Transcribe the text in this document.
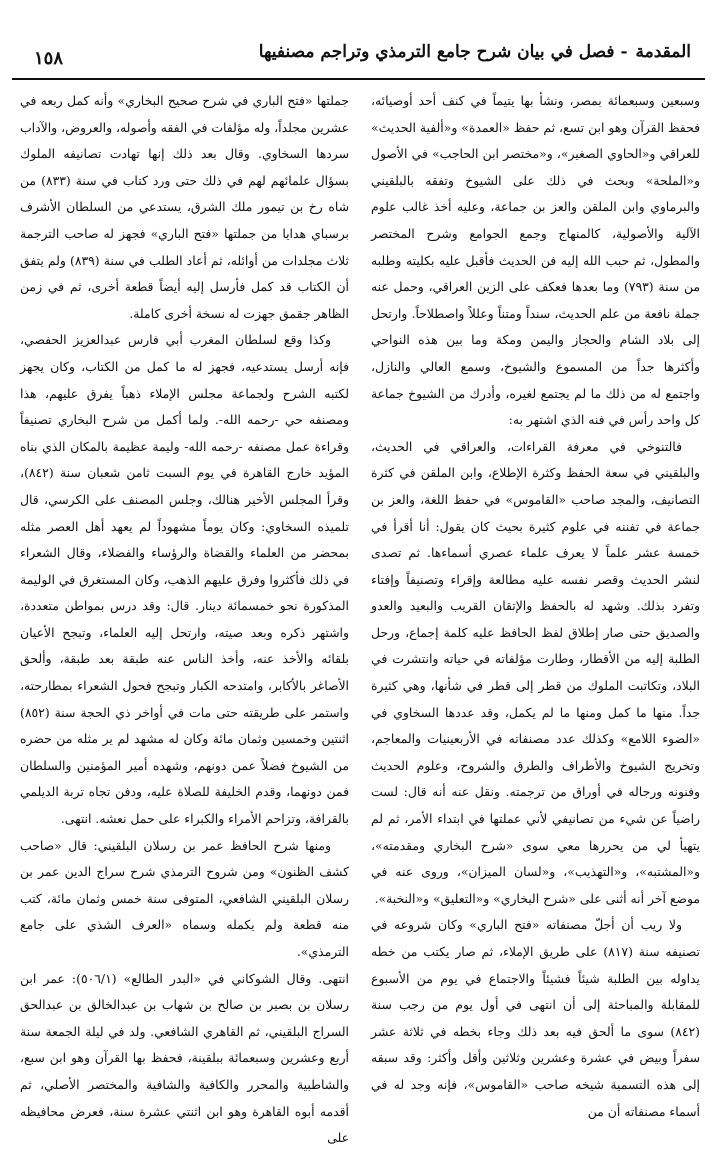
المقدمة- فصل في بيان شرح جامع الترمذي وتراجم مصنفيها
١٥٨

وسبعين وسبعمائة بمصر، ونشأ بها يتيماً في كنف أحد أوصيائه، فحفظ القرآن وهو ابن تسع، ثم حفظ «العمدة» و«ألفية الحديث» للعراقي و«الحاوي الصغير»، و«مختصر ابن الحاجب» في الأصول و«الملحة» وبحث في ذلك على الشيوخ وتفقه بالبلقيني والبرماوي وابن الملقن والعز بن جماعة، وعليه أخذ غالب علوم الآلية والأصولية، كالمنهاج وجمع الجوامع وشرح المختصر والمطول، ثم حبب الله إليه فن الحديث فأقبل عليه بكليته وطلبه من سنة (٧٩٣) وما بعدها فعكف على الزين العراقي، وحمل عنه جملة نافعة من علم الحديث، سنداً ومتناً وعللاً واصطلاحاً. وارتحل إلى بلاد الشام والحجاز واليمن ومكة وما بين هذه النواحي وأكثرها جداً من المسموع والشيوخ، وسمع العالي والنازل، واجتمع له من ذلك ما لم يجتمع لغيره، وأدرك من الشيوخ جماعة كل واحد رأس في فنه الذي اشتهر به:

فالتنوخي في معرفة القراءات، والعراقي في الحديث، والبلقيني في سعة الحفظ وكثرة الإطلاع، وابن الملقن في كثرة التصانيف، والمجد صاحب «القاموس» في حفظ اللغة، والعز بن جماعة في تفننه في علوم كثيرة بحيث كان يقول: أنا أقرأ في خمسة عشر علماً لا يعرف علماء عصري أسماءها. ثم تصدى لنشر الحديث وقصر نفسه عليه مطالعة وإقراء وتصنيفاً وإفتاء وتفرد بذلك. وشهد له بالحفظ والإتقان القريب والبعيد والعدو والصديق حتى صار إطلاق لفظ الحافظ عليه كلمة إجماع، ورحل الطلبة إليه من الأقطار، وطارت مؤلفاته في حياته وانتشرت في البلاد، وتكاتبت الملوك من قطر إلى قطر في شأنها، وهي كثيرة جداً. منها ما كمل ومنها ما لم يكمل، وقد عددها السخاوي في «الضوء اللامع» وكذلك عدد مصنفاته في الأربعينيات والمعاجم، وتخريج الشيوخ والأطراف والطرق والشروح، وعلوم الحديث وفنونه ورجاله في أوراق من ترجمته. ونقل عنه أنه قال: لست راضياً عن شيء من تصانيفي لأني عملتها في ابتداء الأمر، ثم لم يتهيأ لي من يحررها معي سوى «شرح البخاري ومقدمته»، و«المشتبه»، و«التهذيب»، و«لسان الميزان»، وروى عنه في موضع آخر أنه أثنى على «شرح البخاري» و«التعليق» و«النخبة».

ولا ريب أن أجلّ مصنفاته «فتح الباري» وكان شروعه في تصنيفه سنة (٨١٧) على طريق الإملاء، ثم صار يكتب من خطه يداوله بين الطلبة شيئاً فشيئاً والاجتماع في يوم من الأسبوع للمقابلة والمباحثة إلى أن انتهى في أول يوم من رجب سنة (٨٤٢) سوى ما ألحق فيه بعد ذلك وجاء بخطه في ثلاثة عشر سفراً وبيض في عشرة وعشرين وثلاثين وأقل وأكثر: وقد سبقه إلى هذه التسمية شيخه صاحب «القاموس»، فإنه وجد له في أسماء مصنفاته أن من

جملتها «فتح الباري في شرح صحيح البخاري» وأنه كمل ربعه في عشرين مجلداً، وله مؤلفات في الفقه وأصوله، والعروض، والآداب سردها السخاوي. وقال بعد ذلك إنها تهادت تصانيفه الملوك بسؤال علمائهم لهم في ذلك حتى ورد كتاب في سنة (٨٣٣) من شاه رخ بن تيمور ملك الشرق، يستدعي من السلطان الأشرف برسباي هدايا من جملتها «فتح الباري» فجهز له صاحب الترجمة ثلاث مجلدات من أوائله، ثم أعاد الطلب في سنة (٨٣٩) ولم يتفق أن الكتاب قد كمل فأرسل إليه أيضاً قطعة أخرى، ثم في زمن الظاهر جقمق جهزت له نسخة أخرى كاملة.

وكذا وقع لسلطان المغرب أبي فارس عبدالعزيز الحفصي، فإنه أرسل يستدعيه، فجهز له ما كمل من الكتاب، وكان يجهز لكتبه الشرح ولجماعة مجلس الإملاء ذهباً يفرق عليهم، هذا ومصنفه حي -رحمه الله-. ولما أكمل من شرح البخاري تصنيفاً وقراءة عمل مصنفه -رحمه الله- وليمة عظيمة بالمكان الذي بناه المؤيد خارج القاهرة في يوم السبت ثامن شعبان سنة (٨٤٢)، وقرأ المجلس الأخير هنالك، وجلس المصنف على الكرسي، قال تلميذه السخاوي: وكان يوماً مشهوداً لم يعهد أهل العصر مثله بمحضر من العلماء والقضاة والرؤساء والفضلاء، وقال الشعراء في ذلك فأكثروا وفرق عليهم الذهب، وكان المستغرق في الوليمة المذكورة نحو خمسمائة دينار. قال: وقد درس بمواطن متعددة، واشتهر ذكره وبعد صيته، وارتحل إليه العلماء، وتبجح الأعيان بلقائه والأخذ عنه، وأخذ الناس عنه طبقة بعد طبقة، وألحق الأصاغر بالأكابر، وامتدحه الكبار وتبجح فحول الشعراء بمطارحته، واستمر على طريقته حتى مات في أواخر ذي الحجة سنة (٨٥٢) اثنتين وخمسين وثمان مائة وكان له مشهد لم ير مثله من حضره من الشيوخ فضلاً عمن دونهم، وشهده أمير المؤمنين والسلطان فمن دونهما، وقدم الخليفة للصلاة عليه، ودفن تجاه تربة الديلمي بالقرافة، وتزاحم الأمراء والكبراء على حمل نعشه. انتهى.

ومنها شرح الحافظ عمر بن رسلان البلقيني: قال «صاحب كشف الظنون» ومن شروح الترمذي شرح سراج الدين عمر بن رسلان البلقيني الشافعي، المتوفى سنة خمس وثمان مائة، كتب منه قطعة ولم يكمله وسماه «العرف الشذي على جامع الترمذي».

انتهى. وقال الشوكاني في «البدر الطالع» (٥٠٦/١): عمر ابن رسلان بن بصير بن صالح بن شهاب بن عبدالخالق بن عبدالحق السراج البلقيني، ثم القاهري الشافعي. ولد في ليلة الجمعة سنة أربع وعشرين وسبعمائة ببلقينة، فحفظ بها القرآن وهو ابن سبع، والشاطبية والمحرر والكافية والشافية والمختصر الأصلي، ثم أقدمه أبوه القاهرة وهو ابن اثنتي عشرة سنة، فعرض محافيظه على
